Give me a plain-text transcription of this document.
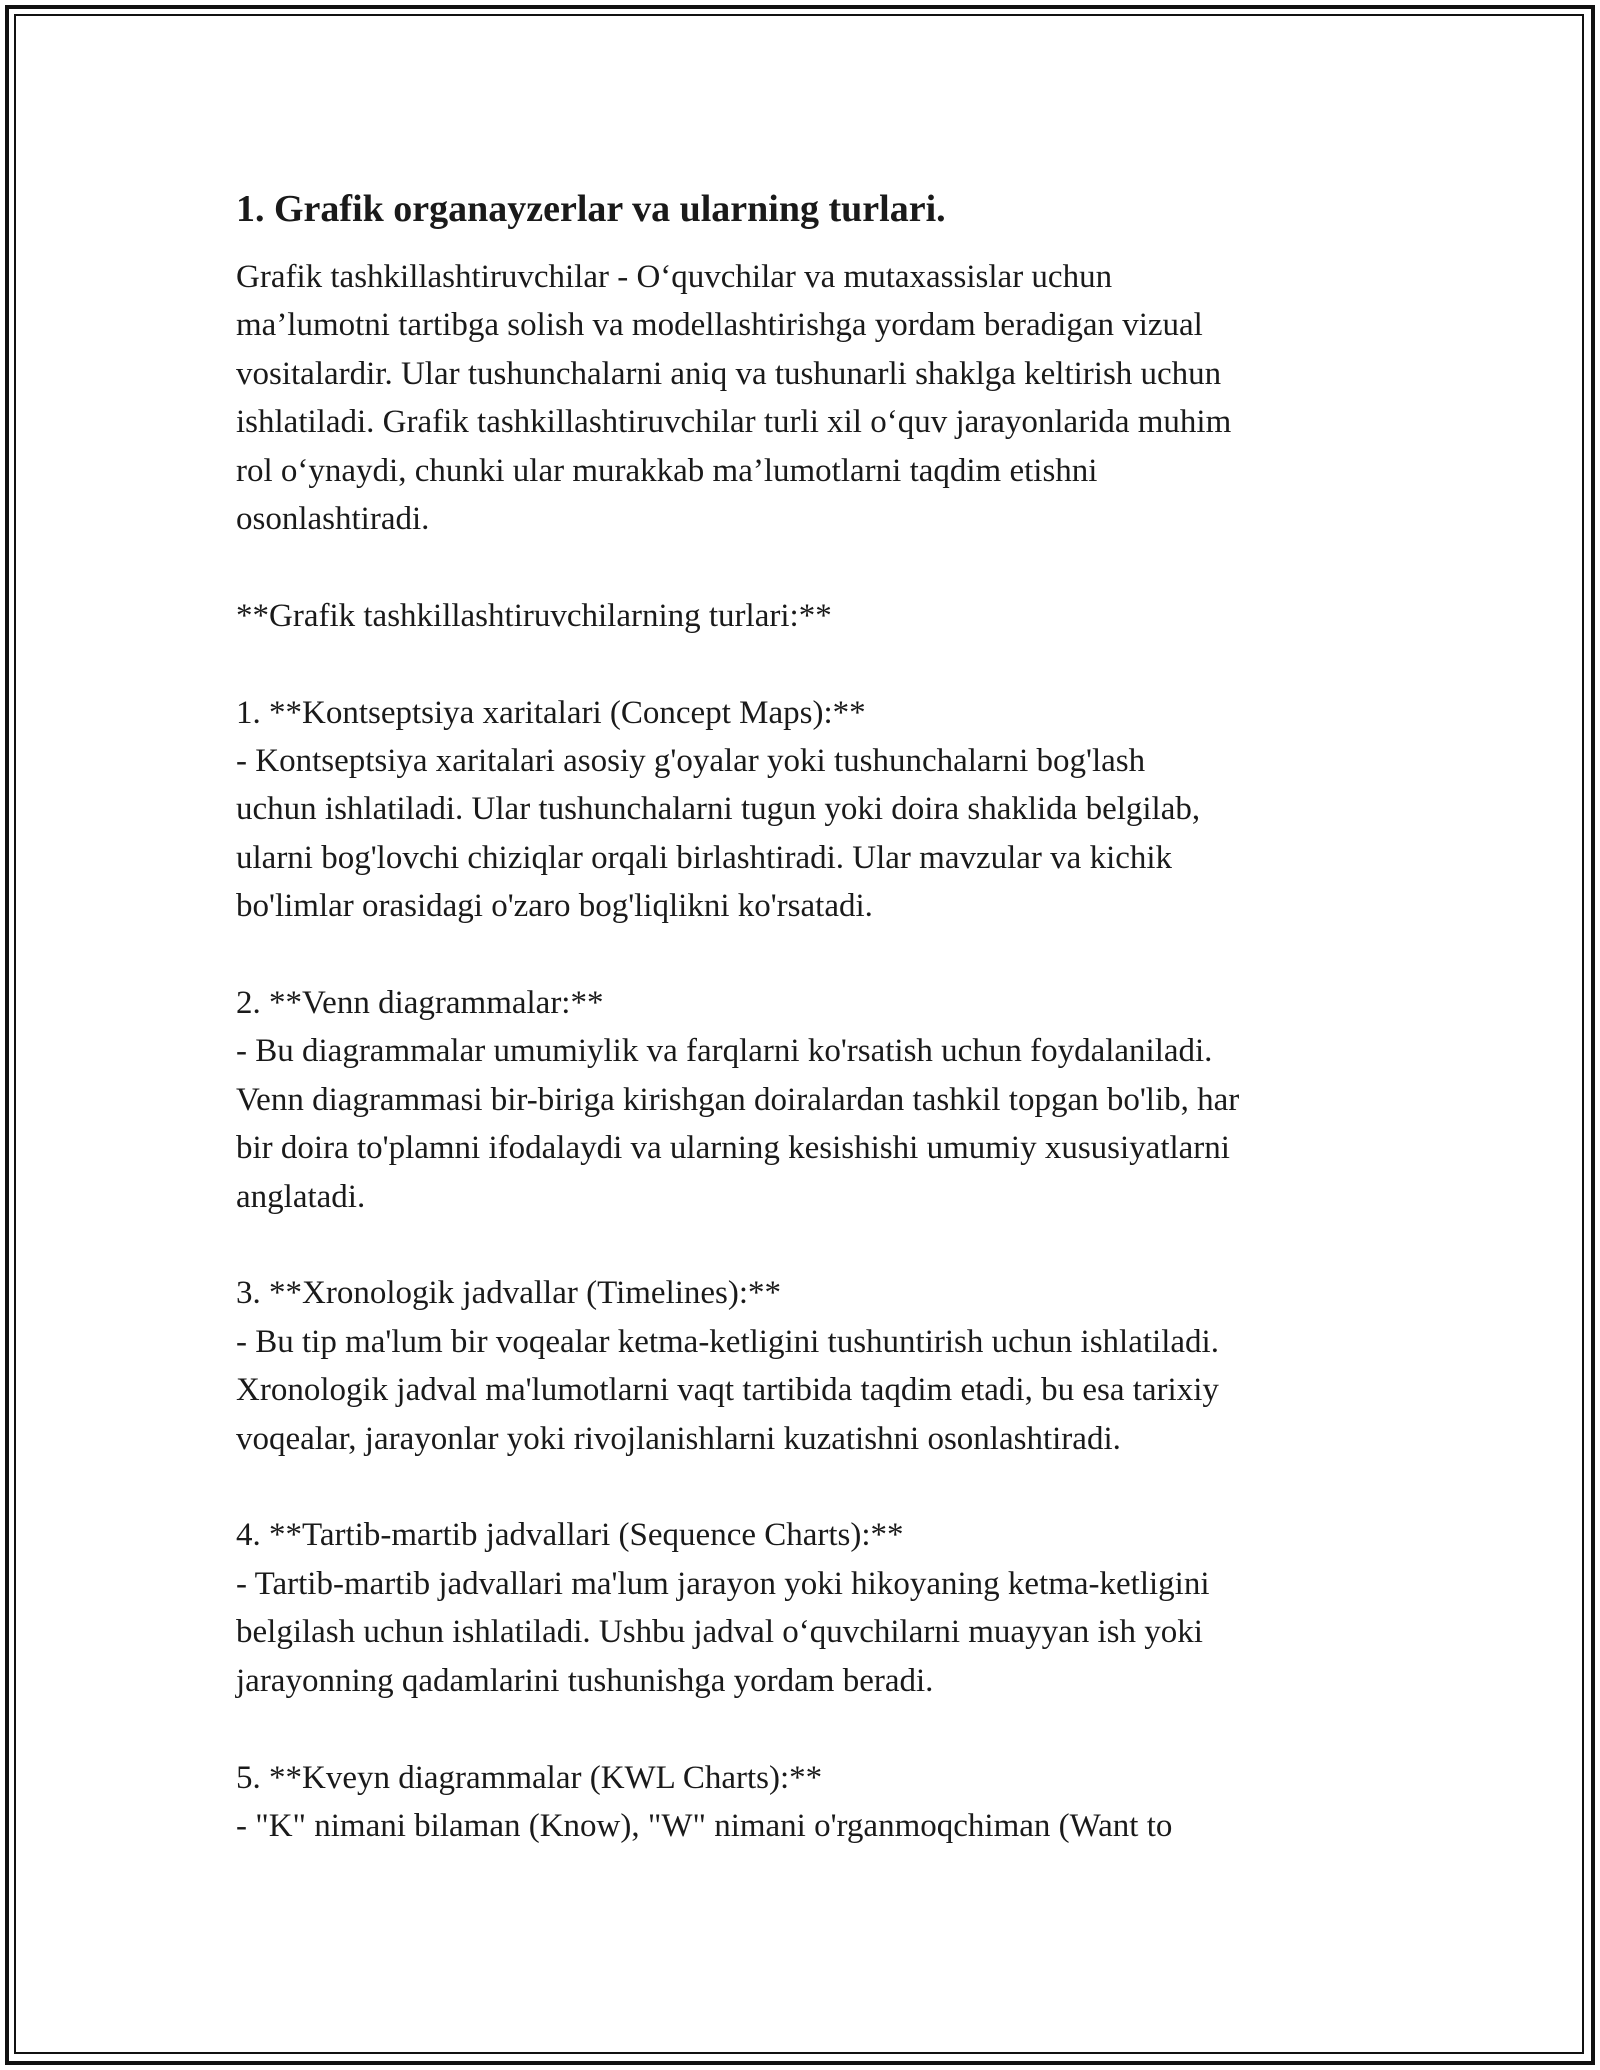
1. Grafik organayzerlar va ularning turlari.

Grafik tashkillashtiruvchilar - O‘quvchilar va mutaxassislar uchun
ma’lumotni tartibga solish va modellashtirishga yordam beradigan vizual
vositalardir. Ular tushunchalarni aniq va tushunarli shaklga keltirish uchun
ishlatiladi. Grafik tashkillashtiruvchilar turli xil o‘quv jarayonlarida muhim
rol o‘ynaydi, chunki ular murakkab ma’lumotlarni taqdim etishni
osonlashtiradi.

**Grafik tashkillashtiruvchilarning turlari:**

1. **Kontseptsiya xaritalari (Concept Maps):**

- Kontseptsiya xaritalari asosiy g'oyalar yoki tushunchalarni bog'lash
uchun ishlatiladi. Ular tushunchalarni tugun yoki doira shaklida belgilab,
ularni bog'lovchi chiziqlar orqali birlashtiradi. Ular mavzular va kichik
bo'limlar orasidagi o'zaro bog'liqlikni ko'rsatadi.

2. **Venn diagrammalar:**

- Bu diagrammalar umumiylik va farqlarni ko'rsatish uchun foydalaniladi.
Venn diagrammasi bir-biriga kirishgan doiralardan tashkil topgan bo'lib, har
bir doira to'plamni ifodalaydi va ularning kesishishi umumiy xususiyatlarni
anglatadi.

3. **Xronologik jadvallar (Timelines):**

- Bu tip ma'lum bir voqealar ketma-ketligini tushuntirish uchun ishlatiladi.
Xronologik jadval ma'lumotlarni vaqt tartibida taqdim etadi, bu esa tarixiy
voqealar, jarayonlar yoki rivojlanishlarni kuzatishni osonlashtiradi.

4. **Tartib-martib jadvallari (Sequence Charts):**

- Tartib-martib jadvallari ma'lum jarayon yoki hikoyaning ketma-ketligini
belgilash uchun ishlatiladi. Ushbu jadval o‘quvchilarni muayyan ish yoki
jarayonning qadamlarini tushunishga yordam beradi.

5. **Kveyn diagrammalar (KWL Charts):**

- "K" nimani bilaman (Know), "W" nimani o'rganmoqchiman (Want to
